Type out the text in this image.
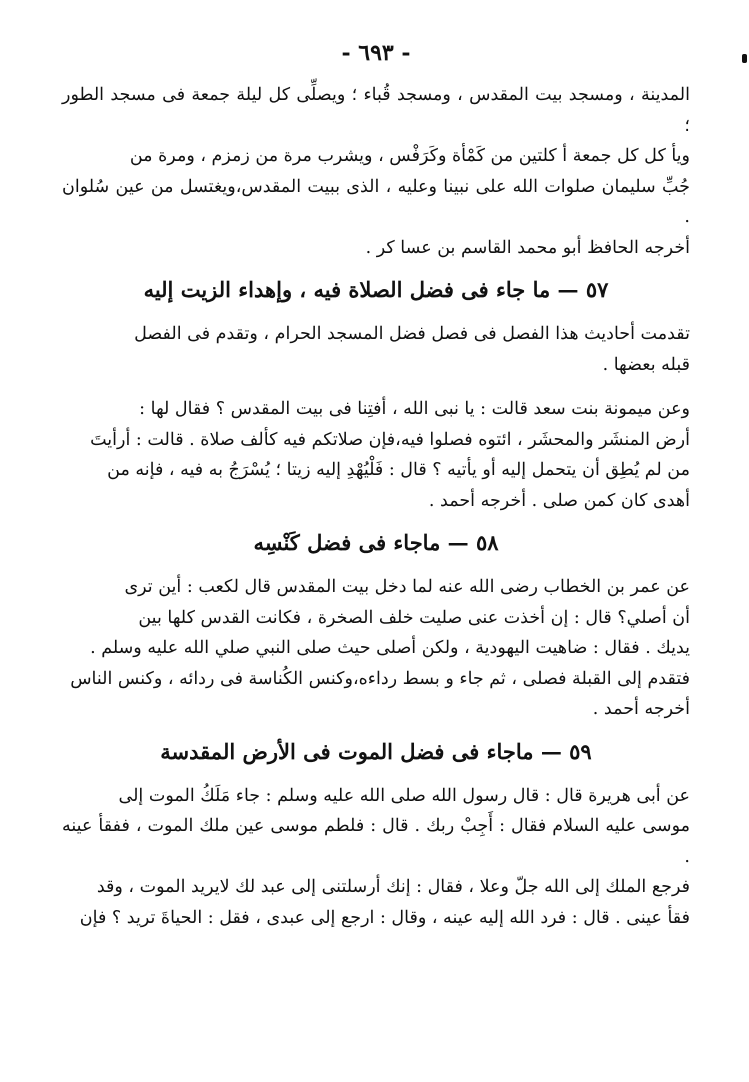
- ٦٩٣ -

المدينة ، ومسجد بيت المقدس ، ومسجد قُباء ؛ ويصلِّى كل ليلة جمعة فى مسجد الطور ؛

ويأ كل كل جمعة أ كلتين من كَمْأة وكَرَفْس ، ويشرب مرة من زمزم ، ومرة من

جُبِّ سليمان صلوات الله على نبينا وعليه ، الذى ببيت المقدس،ويغتسل من عين سُلوان .

أخرجه الحافظ أبو محمد القاسم بن عسا كر .

٥٧ — ما جاء فى فضل الصلاة فيه ، وإهداء الزيت إليه

تقدمت أحاديث هذا الفصل فى فصل فضل المسجد الحرام ، وتقدم فى الفصل

قبله بعضها .

وعن ميمونة بنت سعد قالت : يا نبى الله ، أفتِنا فى بيت المقدس ؟ فقال لها :

أرض المنشَر والمحشَر ، ائتوه فصلوا فيه،فإن صلاتكم فيه كألف صلاة . قالت : أرأيتَ

من لم يُطِق أن يتحمل إليه أو يأتيه ؟ قال : فَلْيُهْدِ إليه زيتا ؛ يُسْرَجُ به فيه ، فإنه من

أهدى كان كمن صلى . أخرجه أحمد .

٥٨ — ماجاء فى فضل كَنْسِه

عن عمر بن الخطاب رضى الله عنه لما دخل بيت المقدس قال لكعب : أين ترى

أن أصلي؟ قال : إن أخذت عنى صليت خلف الصخرة ، فكانت القدس كلها بين

يديك . فقال : ضاهيت اليهودية ، ولكن أصلى حيث صلى النبي صلي الله عليه وسلم .

فتقدم إلى القبلة فصلى ، ثم جاء و بسط رداءه،وكنس الكُناسة فى ردائه ، وكنس الناس

أخرجه أحمد .

٥٩ — ماجاء فى فضل الموت فى الأرض المقدسة

عن أبى هريرة قال : قال رسول الله صلى الله عليه وسلم : جاء مَلَكُ الموت إلى

موسى عليه السلام فقال : أَجِبْ ربك . قال : فلطم موسى عين ملك الموت ، ففقأ عينه .

فرجع الملك إلى الله جلّ وعلا ، فقال : إنك أرسلتنى إلى عبد لك لايريد الموت ، وقد

فقأ عينى . قال : فرد الله إليه عينه ، وقال : ارجع إلى عبدى ، فقل : الحياةَ تريد ؟ فإن
